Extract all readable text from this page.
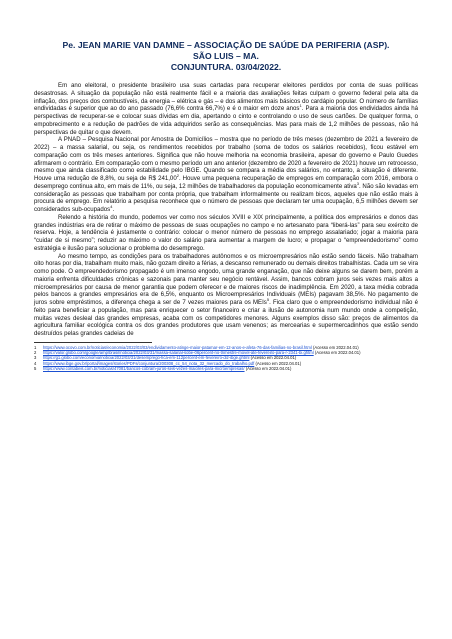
Pe. JEAN MARIE VAN DAMNE – ASSOCIAÇÃO DE SAÚDE DA PERIFERIA (ASP).

SÃO LUIS – MA.

CONJUNTURA. 03/04/2022.

Em ano eleitoral, o presidente brasileiro usa suas cartadas para recuperar eleitores perdidos por conta de suas políticas desastrosas. A situação da população não está realmente fácil e a maioria das avaliações feitas culpam o governo federal pela alta da inflação, dos preços dos combustíveis, da energia – elétrica e gás – e dos alimentos mais básicos do cardápio popular. O número de famílias endividadas é superior que ao do ano passado (76,6% contra 66,7%) e é o maior em doze anos$^1$. Para a maioria dos endividados ainda há perspectivas de recuperar-se e colocar suas dívidas em dia, apertando o cinto e controlando o uso de seus cartões. De qualquer forma, o empobrecimento e a redução de padrões de vida adquiridos serão as consequências. Mas para mais de 1,2 milhões de pessoas, não há perspectivas de quitar o que devem.

A PNAD – Pesquisa Nacional por Amostra de Domicílios – mostra que no período de três meses (dezembro de 2021 a fevereiro de 2022) – a massa salarial, ou seja, os rendimentos recebidos por trabalho (soma de todos os salários recebidos), ficou estável em comparação com os três meses anteriores. Significa que não houve melhoria na economia brasileira, apesar do governo e Paulo Guedes afirmarem o contrário. Em comparação com o mesmo período um ano anterior (dezembro de 2020 a fevereiro de 2021) houve um retrocesso, mesmo que ainda classificado como estabilidade pelo IBGE. Quando se compara a média dos salários, no entanto, a situação é diferente. Houve uma redução de 8,8%, ou seja de R$ 241,00$^2$. Houve uma pequena recuperação de empregos em comparação com 2016, embora o desemprego continua alto, em mais de 11%, ou seja, 12 milhões de trabalhadores da população economicamente ativa$^3$. Não são levadas em consideração as pessoas que trabalham por conta própria, que trabalham informalmente ou realizam bicos, aqueles que não estão mais à procura de emprego. Em relatório a pesquisa reconhece que o número de pessoas que declaram ter uma ocupação, 6,5 milhões devem ser considerados sub-ocupados$^4$.

Relendo a história do mundo, podemos ver como nos séculos XVIII e XIX principalmente, a política dos empresários e donos das grandes indústrias era de retirar o máximo de pessoas de suas ocupações no campo e no artesanato para “liberá-las” para seu exército de reserva. Hoje, a tendência é justamente o contrário: colocar o menor número de pessoas no emprego assalariado; jogar a maioria para “cuidar de si mesmo”; reduzir ao máximo o valor do salário para aumentar a margem de lucro; e propagar o “empreendedorismo” como estratégia e ilusão para solucionar o problema do desemprego.

Ao mesmo tempo, as condições para os trabalhadores autônomos e os microempresários não estão sendo fáceis. Não trabalham oito horas por dia, trabalham muito mais, não gozam direito a férias, a descanso remunerado ou demais direitos trabalhistas. Cada um se vira como pode. O empreendedorismo propagado é um imenso engodo, uma grande enganação, que não deixe alguns se darem bem, porém a maioria enfrenta dificuldades crônicas e sazonais para manter seu negócio rentável. Assim, bancos cobram juros seis vezes mais altos a microempresários por causa de menor garantia que podem oferecer e de maiores riscos de inadimplência. Em 2020, a taxa média cobrada pelos bancos a grandes empresários era de 6,5%, enquanto os Microempresários Individuais (MEIs) pagavam 38,5%. No pagamento de juros sobre empréstimos, a diferença chega a ser de 7 vezes maiores para os MEIs$^5$. Fica claro que o empreendedorismo individual não é feito para beneficiar a população, mas para enriquecer o setor financeiro e criar a ilusão de autonomia num mundo onde a competição, muitas vezes desleal das grandes empresas, acaba com os competidores menores. Alguns exemplos disso são: preços de alimentos da agricultura familiar ecológica contra os dos grandes produtores que usam venenos; as mercearias e supermercadinhos que estão sendo destruídos pelas grandes cadeias de

1 https://www.ocovo.com.br/noticias/economia/2022/03/03/endividamento-atinge-maior-patamar-em-12-anos-e-afeta-76-das-familias-no-brasil.html (Acesso em 2022.04.01)

2 https://valor.globo.com/google/amp/brasil/noticia/2022/03/31/massa-salarial-sobe-06percent-no-trimestre-movel-ate-fevereiro-para-r-2341-bi.ghtml (Acesso em 2022.04.01)

3 https://g1.globo.com/economia/noticia/2022/03/31/desemprego-fica-em-112percent-em-fevereiro-diz-ibge.ghtml (Acesso em 2022.04.01)

4 https://www.ibge.gov.br/portal/images/stories/PDFs/conjuntura/200308_cc_54_nota_32_mercado_do_trabalho.pdf (Acesso em 2022.04.01)

5 https://www.contabeis.com.br/noticias/47081/bancos-cobram-juros-seis-vezes-maiores-para-microempresas/ (Acesso em 2022.04.01)
